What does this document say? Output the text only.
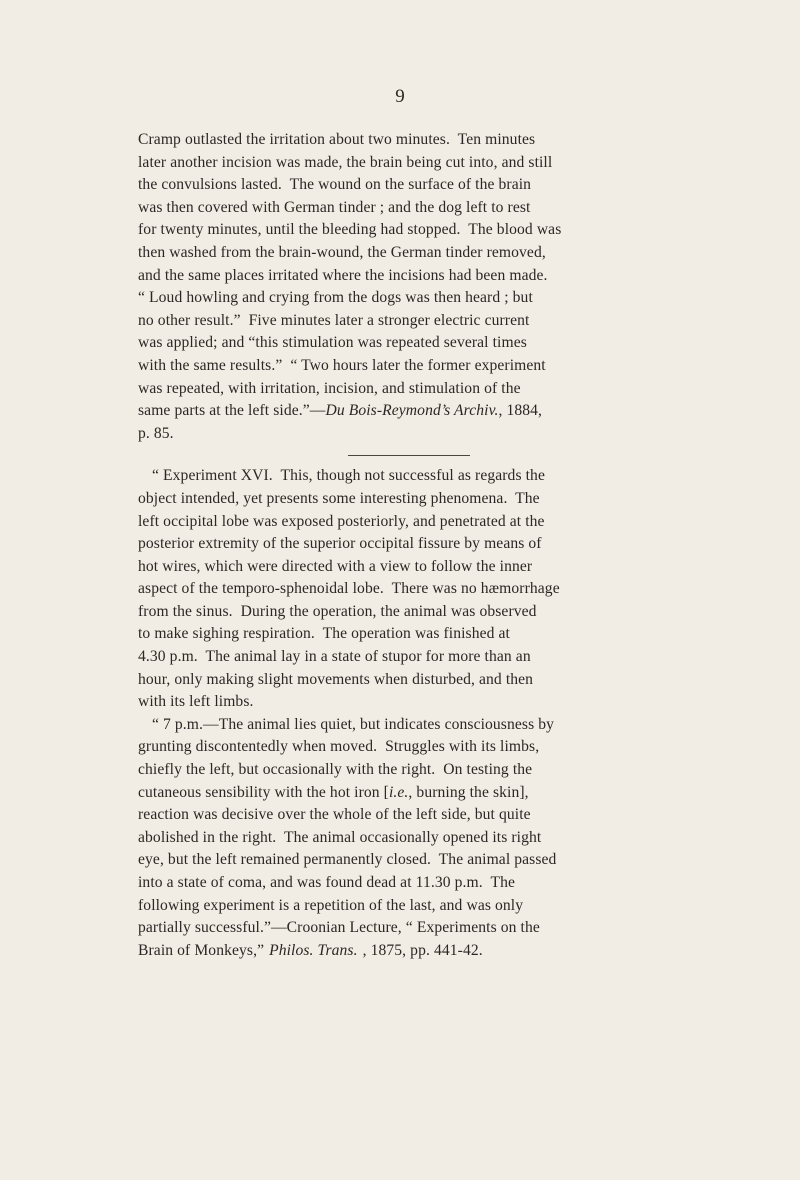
9
Cramp outlasted the irritation about two minutes.  Ten minutes
later another incision was made, the brain being cut into, and still
the convulsions lasted.  The wound on the surface of the brain
was then covered with German tinder ; and the dog left to rest
for twenty minutes, until the bleeding had stopped.  The blood was
then washed from the brain-wound, the German tinder removed,
and the same places irritated where the incisions had been made.
“ Loud howling and crying from the dogs was then heard ; but
no other result.”  Five minutes later a stronger electric current
was applied; and “this stimulation was repeated several times
with the same results.”  “ Two hours later the former experiment
was repeated, with irritation, incision, and stimulation of the
same parts at the left side.”—Du Bois-Reymond’s Archiv., 1884,
p. 85.
“ Experiment XVI.  This, though not successful as regards the
object intended, yet presents some interesting phenomena.  The
left occipital lobe was exposed posteriorly, and penetrated at the
posterior extremity of the superior occipital fissure by means of
hot wires, which were directed with a view to follow the inner
aspect of the temporo-sphenoidal lobe.  There was no hæmorrhage
from the sinus.  During the operation, the animal was observed
to make sighing respiration.  The operation was finished at
4.30 p.m.  The animal lay in a state of stupor for more than an
hour, only making slight movements when disturbed, and then
with its left limbs.
“ 7 p.m.—The animal lies quiet, but indicates consciousness by
grunting discontentedly when moved.  Struggles with its limbs,
chiefly the left, but occasionally with the right.  On testing the
cutaneous sensibility with the hot iron [i.e., burning the skin],
reaction was decisive over the whole of the left side, but quite
abolished in the right.  The animal occasionally opened its right
eye, but the left remained permanently closed.  The animal passed
into a state of coma, and was found dead at 11.30 p.m.  The
following experiment is a repetition of the last, and was only
partially successful.”—Croonian Lecture, “ Experiments on the
Brain of Monkeys,” Philos. Trans. , 1875, pp. 441-42.
